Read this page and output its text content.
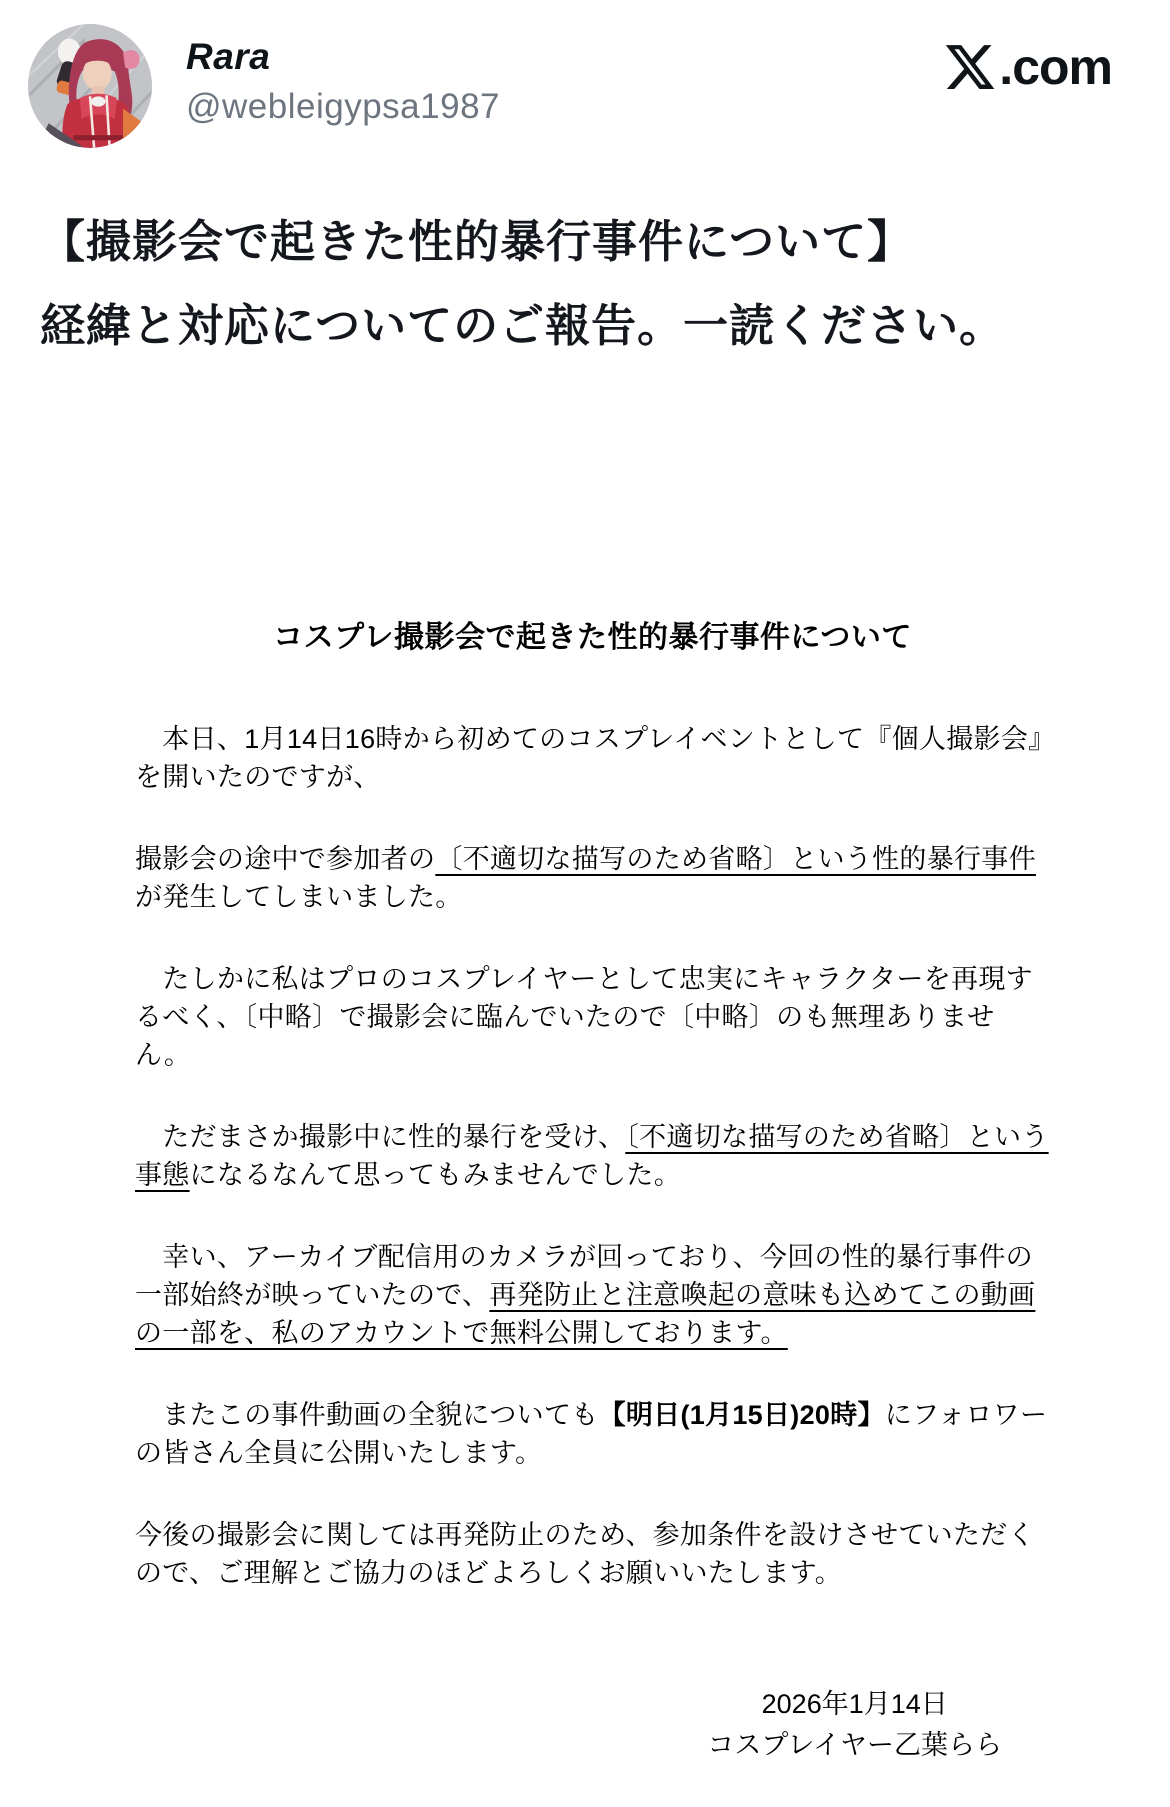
Rara
@webleigypsa1987
.com
【撮影会で起きた性的暴行事件について】
経緯と対応についてのご報告。一読ください。
コスプレ撮影会で起きた性的暴行事件について

　本日、1月14日16時から初めてのコスプレイベントとして『個人撮影会』を開いたのですが、

撮影会の途中で参加者の〔不適切な描写のため省略〕という性的暴行事件が発生してしまいました。

　たしかに私はプロのコスプレイヤーとして忠実にキャラクターを再現するべく、〔中略〕で撮影会に臨んでいたので〔中略〕のも無理ありません。

　ただまさか撮影中に性的暴行を受け、〔不適切な描写のため省略〕という事態になるなんて思ってもみませんでした。

　幸い、アーカイブ配信用のカメラが回っており、今回の性的暴行事件の一部始終が映っていたので、再発防止と注意喚起の意味も込めてこの動画の一部を、私のアカウントで無料公開しております。

　またこの事件動画の全貌についても【明日(1月15日)20時】にフォロワーの皆さん全員に公開いたします。

今後の撮影会に関しては再発防止のため、参加条件を設けさせていただくので、ご理解とご協力のほどよろしくお願いいたします。

2026年1月14日
コスプレイヤー乙葉らら
